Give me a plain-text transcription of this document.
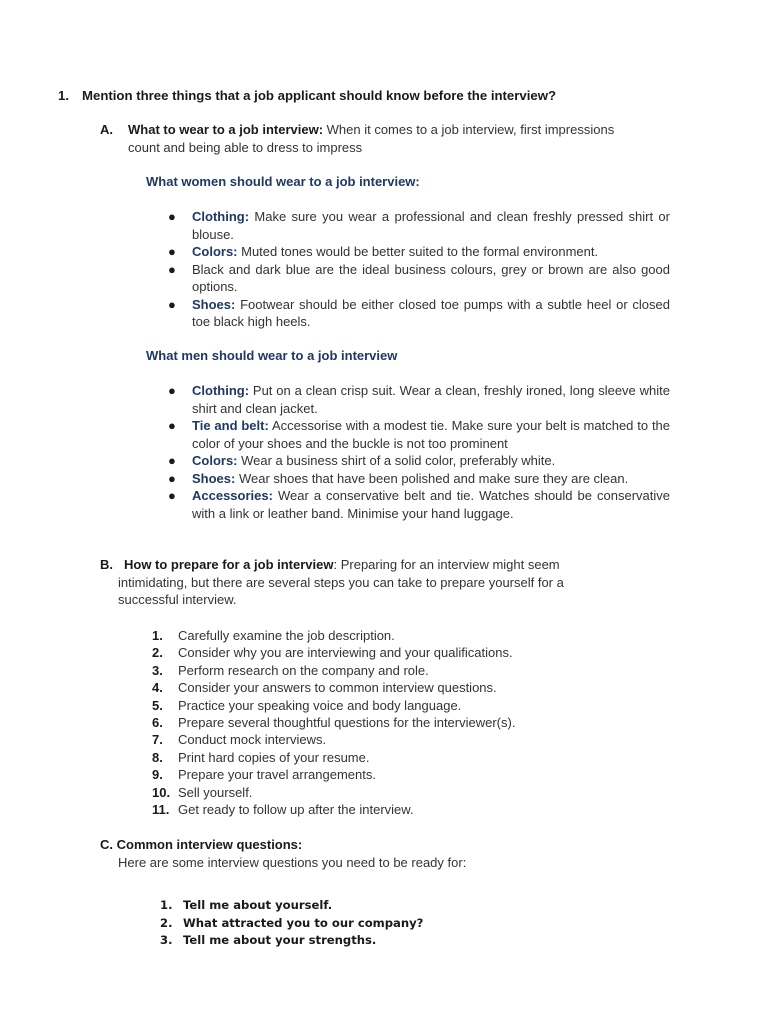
1. Mention three things that a job applicant should know before the interview?
A. What to wear to a job interview: When it comes to a job interview, first impressions
count and being able to dress to impress
What women should wear to a job interview:
● Clothing: Make sure you wear a professional and clean freshly pressed shirt or blouse.
● Colors: Muted tones would be better suited to the formal environment.
● Black and dark blue are the ideal business colours, grey or brown are also good options.
● Shoes: Footwear should be either closed toe pumps with a subtle heel or closed toe black high heels.
What men should wear to a job interview
● Clothing: Put on a clean crisp suit. Wear a clean, freshly ironed, long sleeve white shirt and clean jacket.
● Tie and belt: Accessorise with a modest tie. Make sure your belt is matched to the color of your shoes and the buckle is not too prominent
● Colors: Wear a business shirt of a solid color, preferably white.
● Shoes: Wear shoes that have been polished and make sure they are clean.
● Accessories: Wear a conservative belt and tie. Watches should be conservative with a link or leather band. Minimise your hand luggage.
B. How to prepare for a job interview: Preparing for an interview might seem
intimidating, but there are several steps you can take to prepare yourself for a
successful interview.
1. Carefully examine the job description.
2. Consider why you are interviewing and your qualifications.
3. Perform research on the company and role.
4. Consider your answers to common interview questions.
5. Practice your speaking voice and body language.
6. Prepare several thoughtful questions for the interviewer(s).
7. Conduct mock interviews.
8. Print hard copies of your resume.
9. Prepare your travel arrangements.
10. Sell yourself.
11. Get ready to follow up after the interview.
C. Common interview questions:
Here are some interview questions you need to be ready for:
1. Tell me about yourself.
2. What attracted you to our company?
3. Tell me about your strengths.
